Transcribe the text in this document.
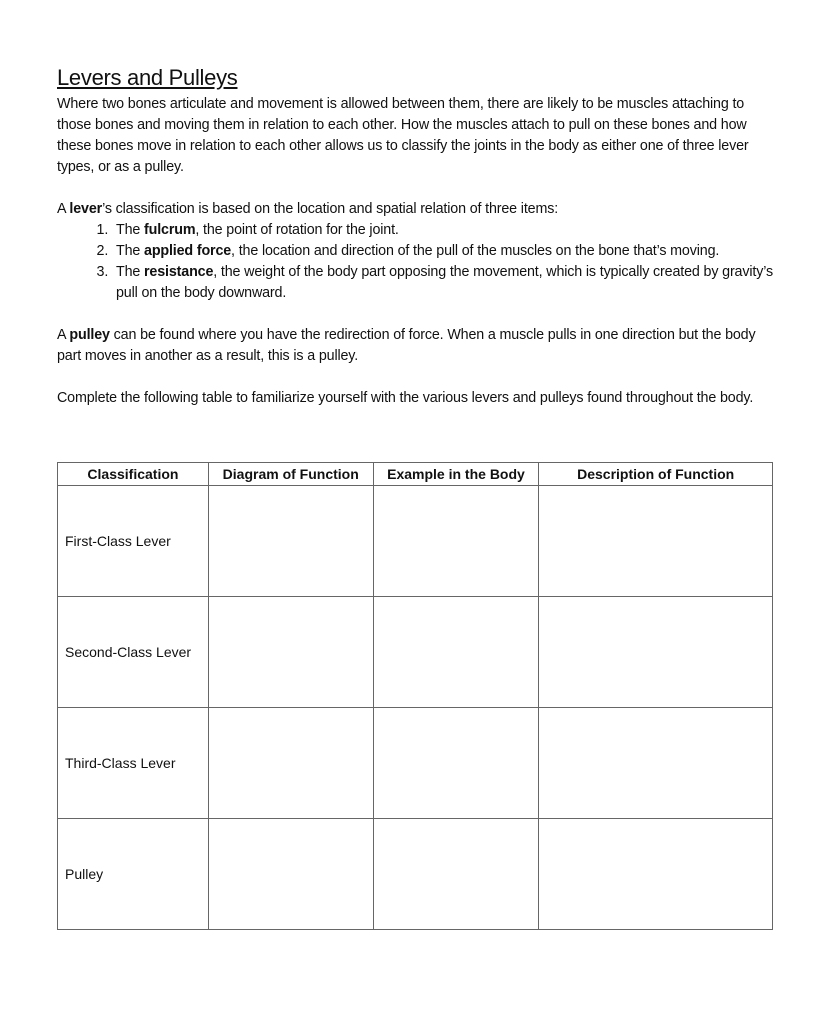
Levers and Pulleys

Where two bones articulate and movement is allowed between them, there are likely to be muscles attaching to those bones and moving them in relation to each other. How the muscles attach to pull on these bones and how these bones move in relation to each other allows us to classify the joints in the body as either one of three lever types, or as a pulley.

A lever’s classification is based on the location and spatial relation of three items:

1. The fulcrum, the point of rotation for the joint.
2. The applied force, the location and direction of the pull of the muscles on the bone that’s moving.
3. The resistance, the weight of the body part opposing the movement, which is typically created by gravity’s pull on the body downward.

A pulley can be found where you have the redirection of force. When a muscle pulls in one direction but the body part moves in another as a result, this is a pulley.

Complete the following table to familiarize yourself with the various levers and pulleys found throughout the body.

Classification	Diagram of Function	Example in the Body	Description of Function
First-Class Lever			
Second-Class Lever			
Third-Class Lever			
Pulley			
